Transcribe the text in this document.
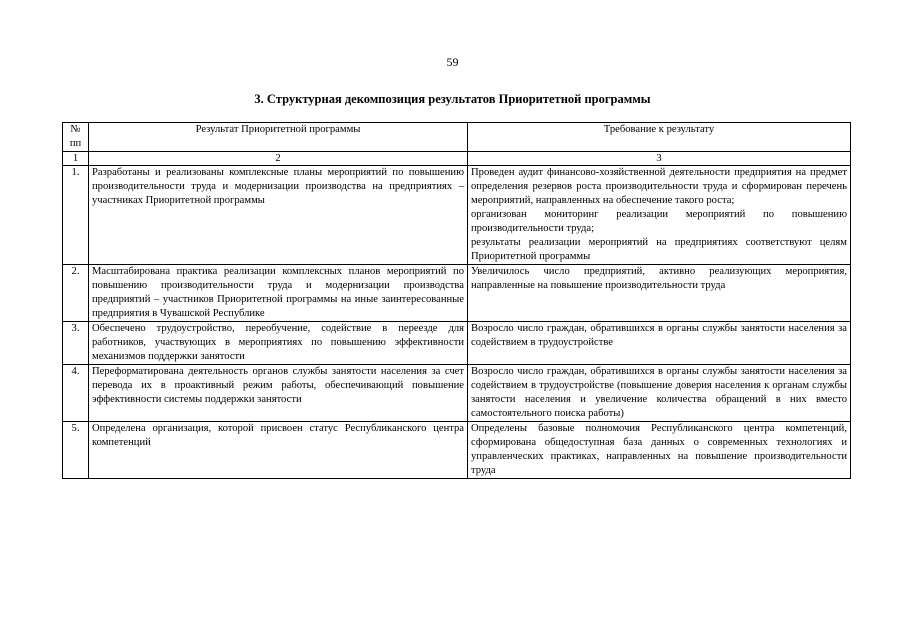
59
3. Структурная декомпозиция результатов Приоритетной программы
№ пп	Результат Приоритетной программы	Требование к результату
1	2	3
1.	Разработаны и реализованы комплексные планы мероприятий по повышению производительности труда и модернизации производства на предприятиях – участниках Приоритетной программы	Проведен аудит финансово-хозяйственной деятельности предприятия на предмет определения резервов роста производительности труда и сформирован перечень мероприятий, направленных на обеспечение такого роста;
организован мониторинг реализации мероприятий по повышению производительности труда;
результаты реализации мероприятий на предприятиях соответствуют целям Приоритетной программы

2.	Масштабирована практика реализации комплексных планов мероприятий по повышению производительности труда и модернизации производства предприятий – участников Приоритетной программы на иные заинтересованные предприятия в Чувашской Республике	Увеличилось число предприятий, активно реализующих мероприятия, направленные на повышение производительности труда

3.	Обеспечено трудоустройство, переобучение, содействие в переезде для работников, участвующих в мероприятиях по повышению эффективности механизмов поддержки занятости	Возросло число граждан, обратившихся в органы службы занятости населения за содействием в трудоустройстве

4.	Переформатирована деятельность органов службы занятости населения за счет перевода их в проактивный режим работы, обеспечивающий повышение эффективности системы поддержки занятости	Возросло число граждан, обратившихся в органы службы занятости населения за содействием в трудоустройстве (повышение доверия населения к органам службы занятости населения и увеличение количества обращений в них вместо самостоятельного поиска работы)

5.	Определена организация, которой присвоен статус Республиканского центра компетенций	Определены базовые полномочия Республиканского центра компетенций, сформирована общедоступная база данных о современных технологиях и управленческих практиках, направленных на повышение производительности труда
